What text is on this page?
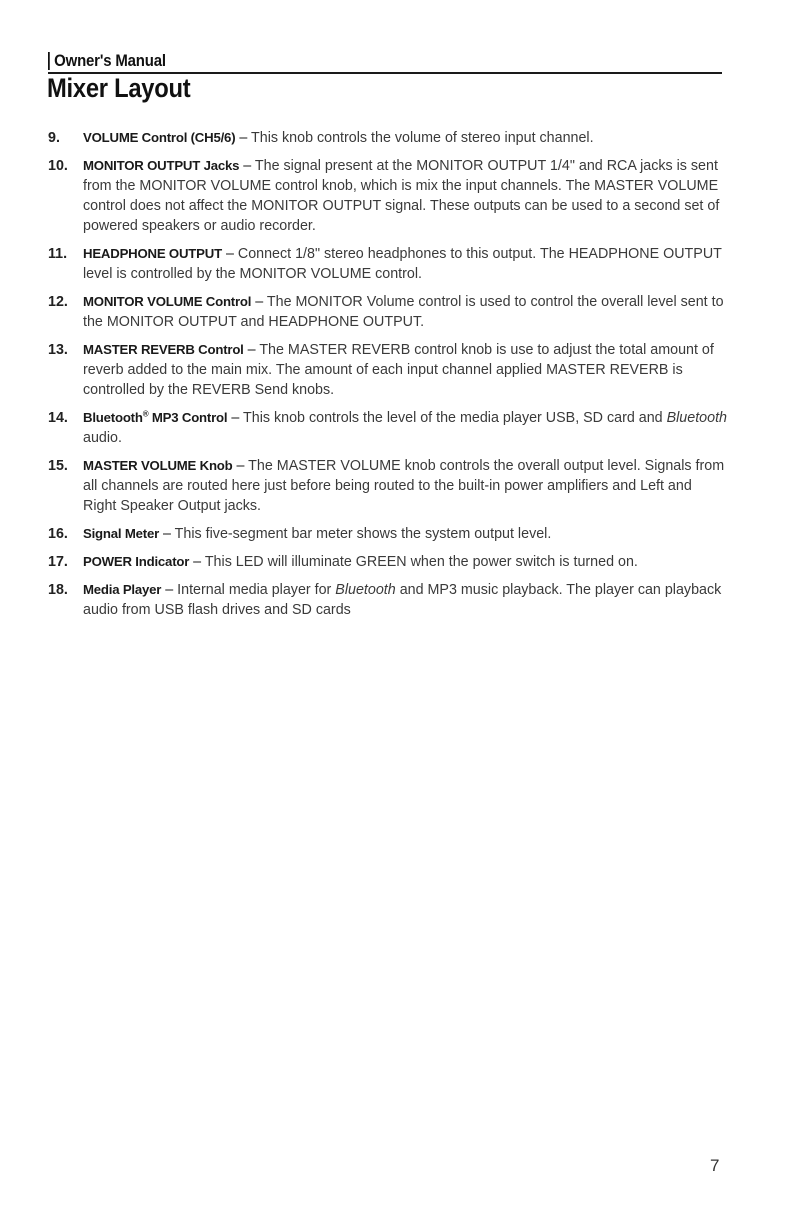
Owner's Manual
Mixer Layout
9.	VOLUME Control (CH5/6) – This knob controls the volume of stereo input channel.
10.	MONITOR OUTPUT Jacks – The signal present at the MONITOR OUTPUT 1/4" and RCA jacks is sent from the MONITOR VOLUME control knob, which is mix the input channels. The MASTER VOLUME control does not affect the MONITOR OUTPUT signal. These outputs can be used to a second set of powered speakers or audio recorder.
11.	HEADPHONE OUTPUT – Connect 1/8" stereo headphones to this output. The HEADPHONE OUTPUT level is controlled by the MONITOR VOLUME control.
12.	MONITOR VOLUME Control – The MONITOR Volume control is used to control the overall level sent to the MONITOR OUTPUT and HEADPHONE OUTPUT.
13.	MASTER REVERB Control – The MASTER REVERB control knob is use to adjust the total amount of reverb added to the main mix. The amount of each input channel applied MASTER REVERB is controlled by the REVERB Send knobs.
14.	Bluetooth® MP3 Control – This knob controls the level of the media player USB, SD card and Bluetooth audio.
15.	MASTER VOLUME Knob – The MASTER VOLUME knob controls the overall output level. Signals from all channels are routed here just before being routed to the built-in power amplifiers and Left and Right Speaker Output jacks.
16.	Signal Meter – This five-segment bar meter shows the system output level.
17.	POWER Indicator – This LED will illuminate GREEN when the power switch is turned on.
18.	Media Player – Internal media player for Bluetooth and MP3 music playback. The player can playback audio from USB flash drives and SD cards
7
